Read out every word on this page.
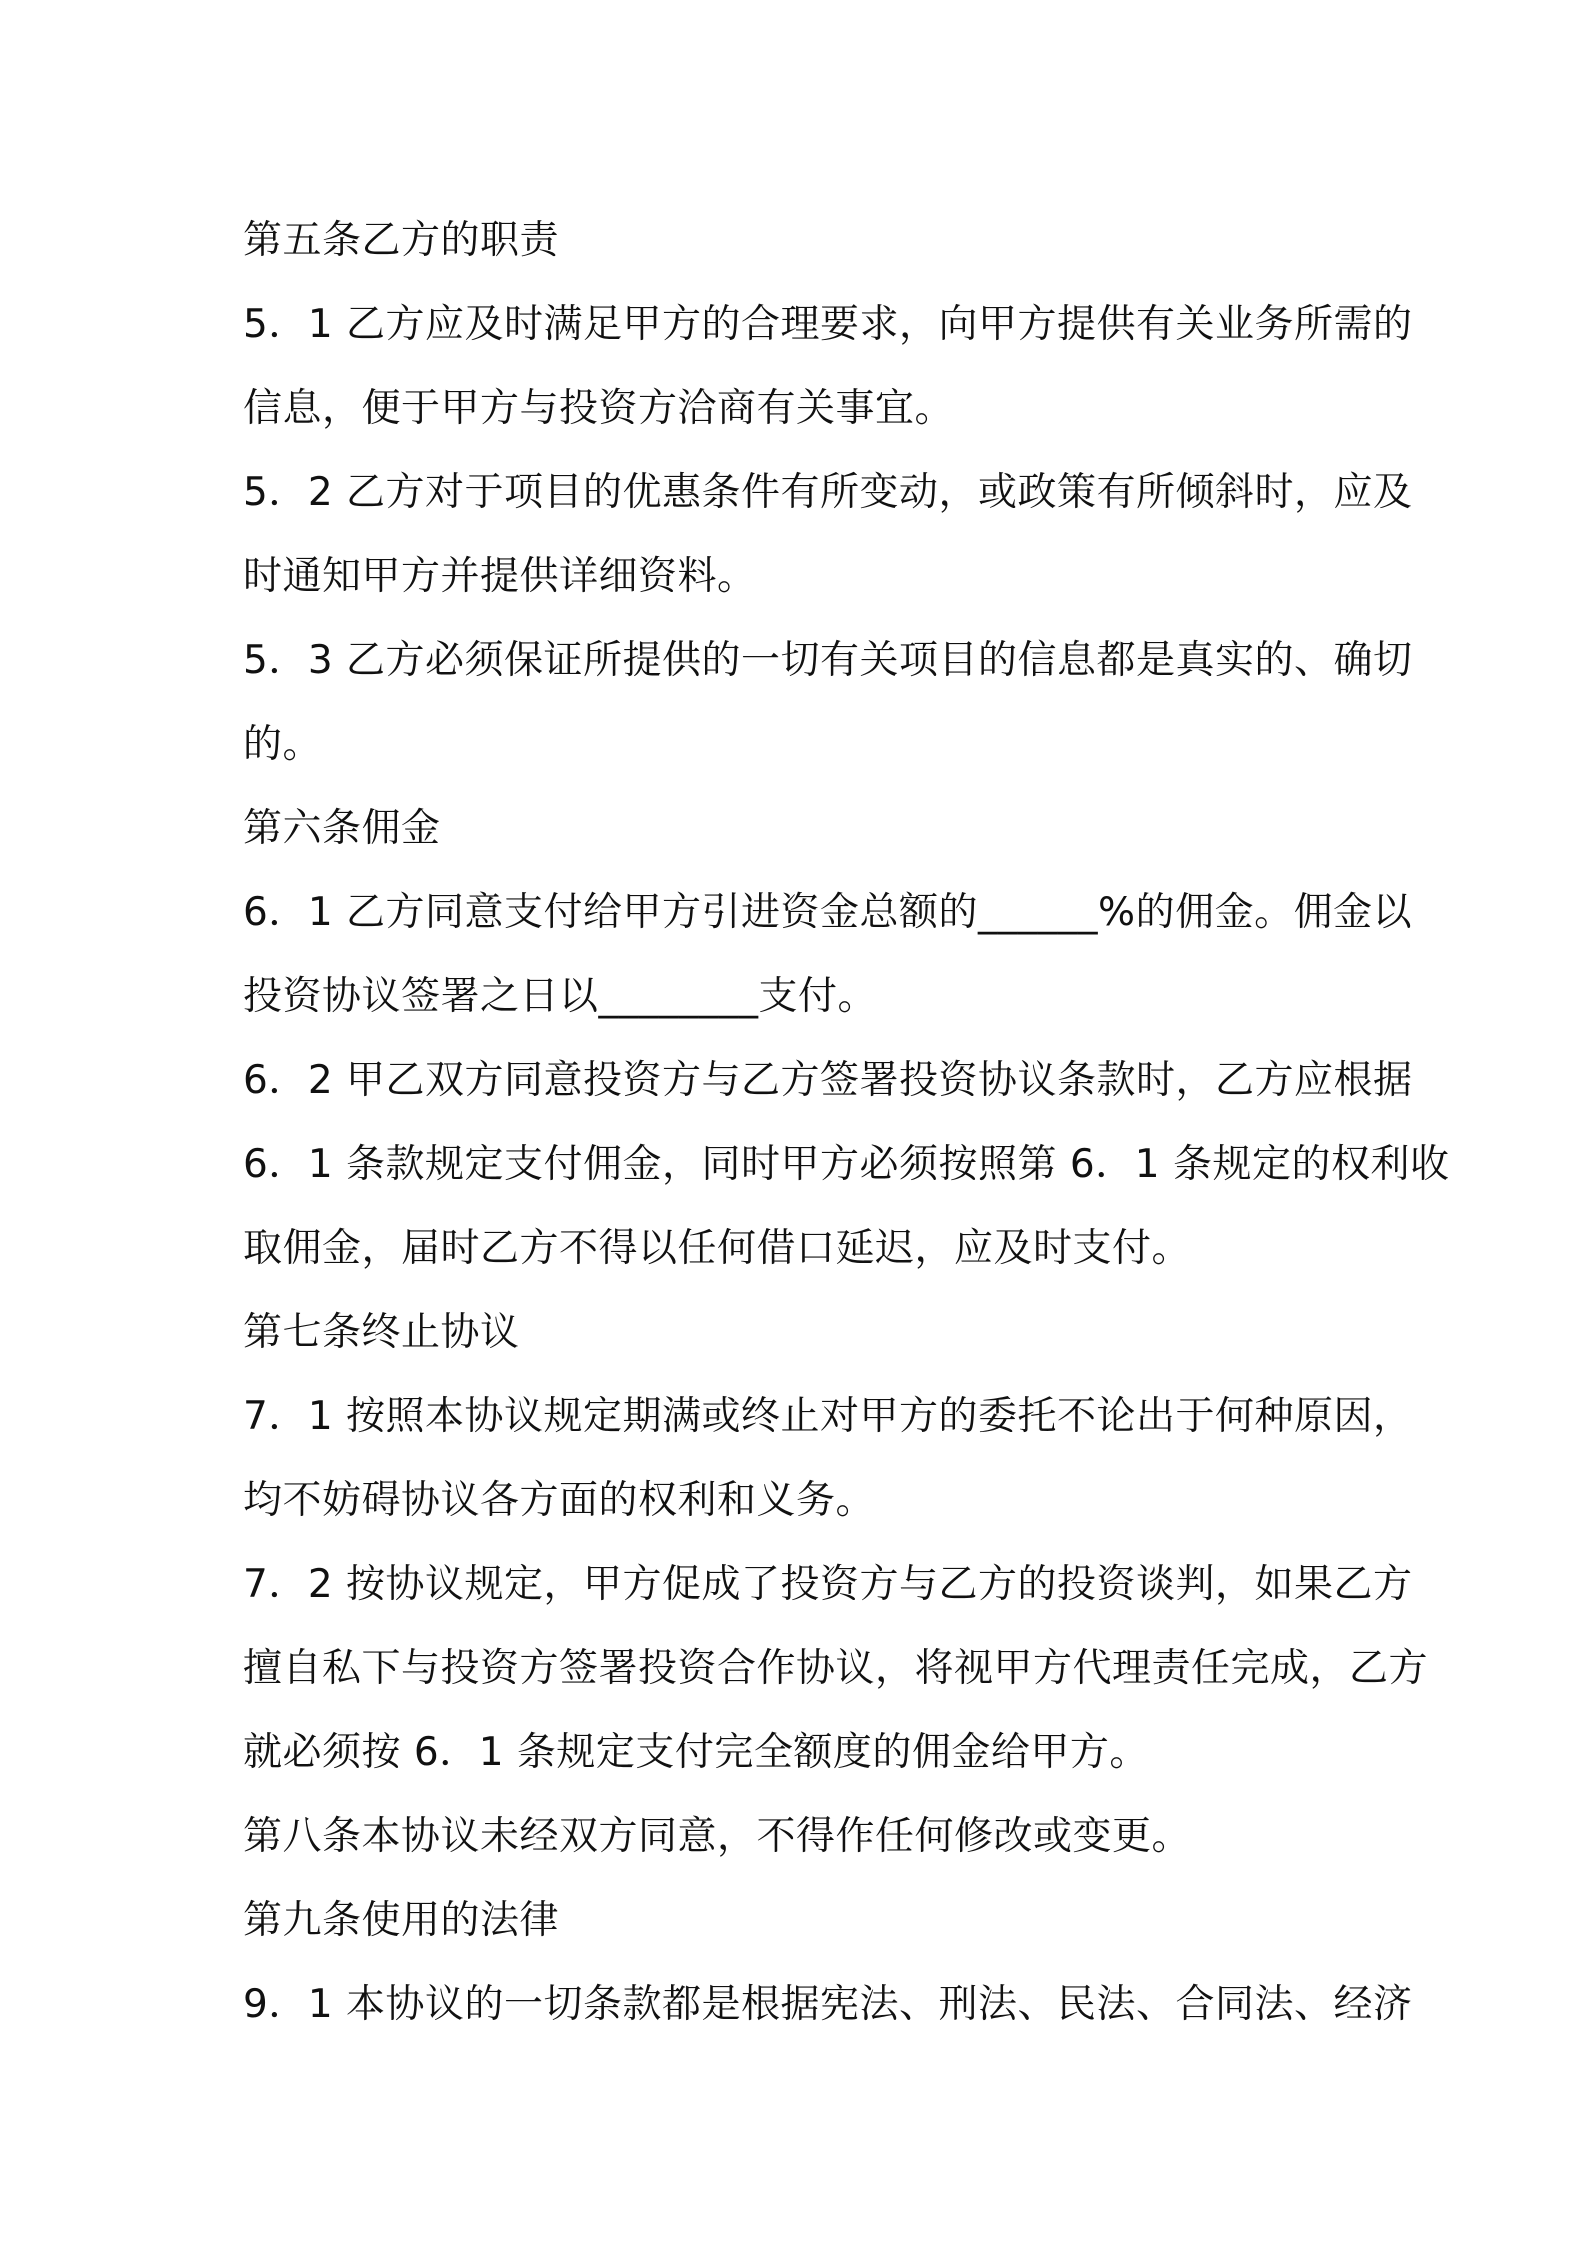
第五条乙方的职责
5．1 乙方应及时满足甲方的合理要求，向甲方提供有关业务所需的
信息，便于甲方与投资方洽商有关事宜。
5．2 乙方对于项目的优惠条件有所变动，或政策有所倾斜时，应及
时通知甲方并提供详细资料。
5．3 乙方必须保证所提供的一切有关项目的信息都是真实的、确切
的。
第六条佣金
6．1 乙方同意支付给甲方引进资金总额的______%的佣金。佣金以
投资协议签署之日以________支付。
6．2 甲乙双方同意投资方与乙方签署投资协议条款时，乙方应根据
6．1 条款规定支付佣金，同时甲方必须按照第 6．1 条规定的权利收
取佣金，届时乙方不得以任何借口延迟，应及时支付。
第七条终止协议
7．1 按照本协议规定期满或终止对甲方的委托不论出于何种原因，
均不妨碍协议各方面的权利和义务。
7．2 按协议规定，甲方促成了投资方与乙方的投资谈判，如果乙方
擅自私下与投资方签署投资合作协议，将视甲方代理责任完成，乙方
就必须按 6．1 条规定支付完全额度的佣金给甲方。
第八条本协议未经双方同意，不得作任何修改或变更。
第九条使用的法律
9．1 本协议的一切条款都是根据宪法、刑法、民法、合同法、经济
